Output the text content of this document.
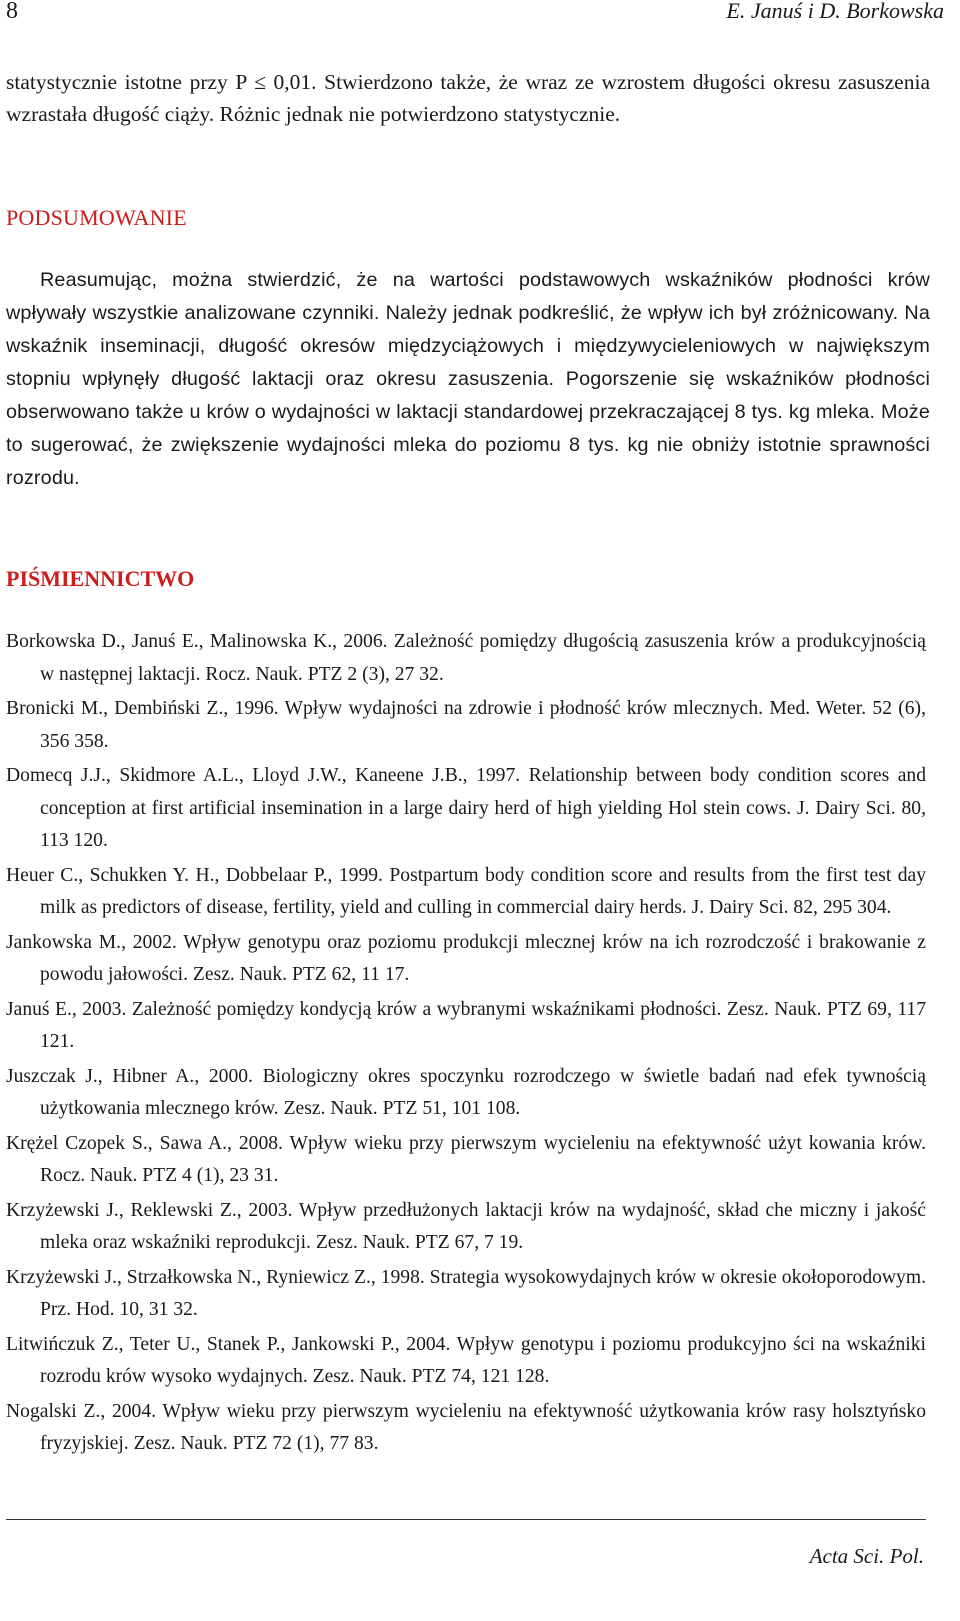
8	E. Januś i D. Borkowska

statystycznie istotne przy P ≤ 0,01. Stwierdzono także, że wraz ze wzrostem długości okresu zasuszenia wzrastała długość ciąży. Różnic jednak nie potwierdzono statystycznie.

PODSUMOWANIE

Reasumując, można stwierdzić, że na wartości podstawowych wskaźników płodności krów wpływały wszystkie analizowane czynniki. Należy jednak podkreślić, że wpływ ich był zróżnicowany. Na wskaźnik inseminacji, długość okresów międzyciążowych i międzywycieleniowych w największym stopniu wpłynęły długość laktacji oraz okresu zasuszenia. Pogorszenie się wskaźników płodności obserwowano także u krów o wydajności w laktacji standardowej przekraczającej 8 tys. kg mleka. Może to sugerować, że zwiększenie wydajności mleka do poziomu 8 tys. kg nie obniży istotnie sprawności rozrodu.

PIŚMIENNICTWO
Borkowska D., Januś E., Malinowska K., 2006. Zależność pomiędzy długością zasuszenia krów a produkcyjnością w następnej laktacji. Rocz. Nauk. PTZ 2 (3), 27 32.
Bronicki M., Dembiński Z., 1996. Wpływ wydajności na zdrowie i płodność krów mlecznych. Med. Weter. 52 (6), 356 358.
Domecq J.J., Skidmore A.L., Lloyd J.W., Kaneene J.B., 1997. Relationship between body condition scores and conception at first artificial insemination in a large dairy herd of high yielding Hol stein cows. J. Dairy Sci. 80, 113 120.
Heuer C., Schukken Y. H., Dobbelaar P., 1999. Postpartum body condition score and results from the first test day milk as predictors of disease, fertility, yield and culling in commercial dairy herds. J. Dairy Sci. 82, 295 304.
Jankowska M., 2002. Wpływ genotypu oraz poziomu produkcji mlecznej krów na ich rozrodczość i brakowanie z powodu jałowości. Zesz. Nauk. PTZ 62, 11 17.
Januś E., 2003. Zależność pomiędzy kondycją krów a wybranymi wskaźnikami płodności. Zesz. Nauk. PTZ 69, 117 121.
Juszczak J., Hibner A., 2000. Biologiczny okres spoczynku rozrodczego w świetle badań nad efek tywnością użytkowania mlecznego krów. Zesz. Nauk. PTZ 51, 101 108.
Krężel Czopek S., Sawa A., 2008. Wpływ wieku przy pierwszym wycieleniu na efektywność użyt kowania krów. Rocz. Nauk. PTZ 4 (1), 23 31.
Krzyżewski J., Reklewski Z., 2003. Wpływ przedłużonych laktacji krów na wydajność, skład che miczny i jakość mleka oraz wskaźniki reprodukcji. Zesz. Nauk. PTZ 67, 7 19.
Krzyżewski J., Strzałkowska N., Ryniewicz Z., 1998. Strategia wysokowydajnych krów w okresie okołoporodowym. Prz. Hod. 10, 31 32.
Litwińczuk Z., Teter U., Stanek P., Jankowski P., 2004. Wpływ genotypu i poziomu produkcyjno ści na wskaźniki rozrodu krów wysoko wydajnych. Zesz. Nauk. PTZ 74, 121 128.
Nogalski Z., 2004. Wpływ wieku przy pierwszym wycieleniu na efektywność użytkowania krów rasy holsztyńsko fryzyjskiej. Zesz. Nauk. PTZ 72 (1), 77 83.
Acta Sci. Pol.
